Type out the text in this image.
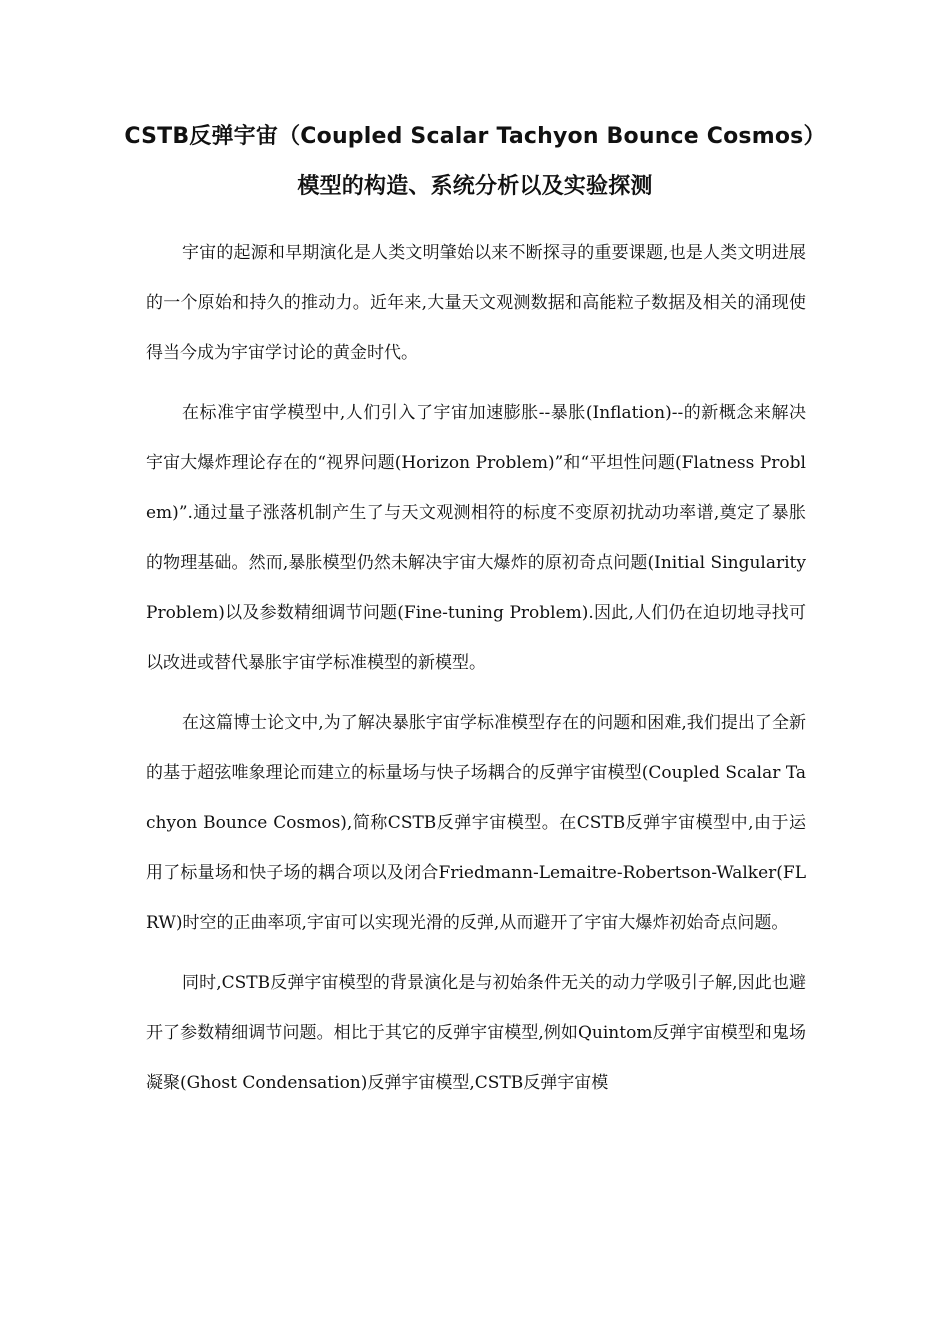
CSTB反弹宇宙（Coupled Scalar Tachyon Bounce Cosmos）模型的构造、系统分析以及实验探测

宇宙的起源和早期演化是人类文明肇始以来不断探寻的重要课题,也是人类文明进展的一个原始和持久的推动力。近年来,大量天文观测数据和高能粒子数据及相关的涌现使得当今成为宇宙学讨论的黄金时代。

在标准宇宙学模型中,人们引入了宇宙加速膨胀--暴胀(Inflation)--的新概念来解决宇宙大爆炸理论存在的“视界问题(Horizon Problem)”和“平坦性问题(Flatness Problem)”.通过量子涨落机制产生了与天文观测相符的标度不变原初扰动功率谱,奠定了暴胀的物理基础。然而,暴胀模型仍然未解决宇宙大爆炸的原初奇点问题(Initial Singularity Problem)以及参数精细调节问题(Fine-tuning Problem).因此,人们仍在迫切地寻找可以改进或替代暴胀宇宙学标准模型的新模型。

在这篇博士论文中,为了解决暴胀宇宙学标准模型存在的问题和困难,我们提出了全新的基于超弦唯象理论而建立的标量场与快子场耦合的反弹宇宙模型(Coupled Scalar Tachyon Bounce Cosmos),简称CSTB反弹宇宙模型。在CSTB反弹宇宙模型中,由于运用了标量场和快子场的耦合项以及闭合Friedmann-Lemaitre-Robertson-Walker(FLRW)时空的正曲率项,宇宙可以实现光滑的反弹,从而避开了宇宙大爆炸初始奇点问题。

同时,CSTB反弹宇宙模型的背景演化是与初始条件无关的动力学吸引子解,因此也避开了参数精细调节问题。相比于其它的反弹宇宙模型,例如Quintom反弹宇宙模型和鬼场凝聚(Ghost Condensation)反弹宇宙模型,CSTB反弹宇宙模
